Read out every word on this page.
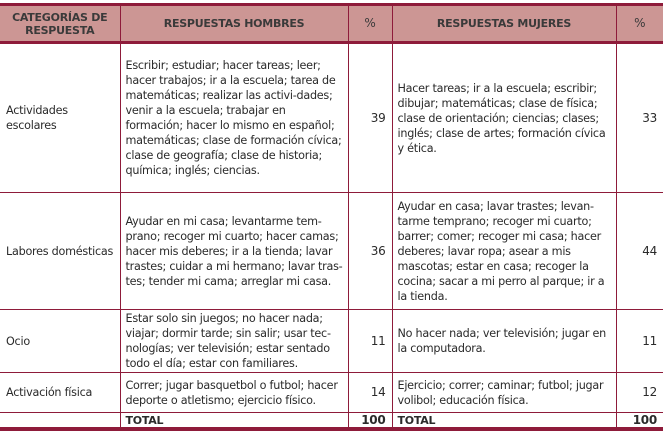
CATEGORÍAS DE RESPUESTA	RESPUESTAS HOMBRES	%	RESPUESTAS MUJERES	%
Actividades escolares	Escribir; estudiar; hacer tareas; leer; hacer trabajos; ir a la escuela; tarea de matemáticas; realizar las activi-dades; venir a la escuela; trabajar en formación; hacer lo mismo en español; matemáticas; clase de formación cívica; clase de geografía; clase de historia; química; inglés; ciencias.	39	Hacer tareas; ir a la escuela; escribir; dibujar; matemáticas; clase de física; clase de orientación; ciencias; clases; inglés; clase de artes; formación cívica y ética.	33
Labores domésticas	Ayudar en mi casa; levantarme tem-prano; recoger mi cuarto; hacer camas; hacer mis deberes; ir a la tienda; lavar trastes; cuidar a mi hermano; lavar tras-tes; tender mi cama; arreglar mi casa.	36	Ayudar en casa; lavar trastes; levan-tarme temprano; recoger mi cuarto; barrer; comer; recoger mi casa; hacer deberes; lavar ropa; asear a mis mascotas; estar en casa; recoger la cocina; sacar a mi perro al parque; ir a la tienda.	44
Ocio	Estar solo sin juegos; no hacer nada; viajar; dormir tarde; sin salir; usar tec-nologías; ver televisión; estar sentado todo el día; estar con familiares.	11	No hacer nada; ver televisión; jugar en la computadora.	11
Activación física	Correr; jugar basquetbol o futbol; hacer deporte o atletismo; ejercicio físico.	14	Ejercicio; correr; caminar; futbol; jugar volibol; educación física.	12
	TOTAL	100	TOTAL	100
